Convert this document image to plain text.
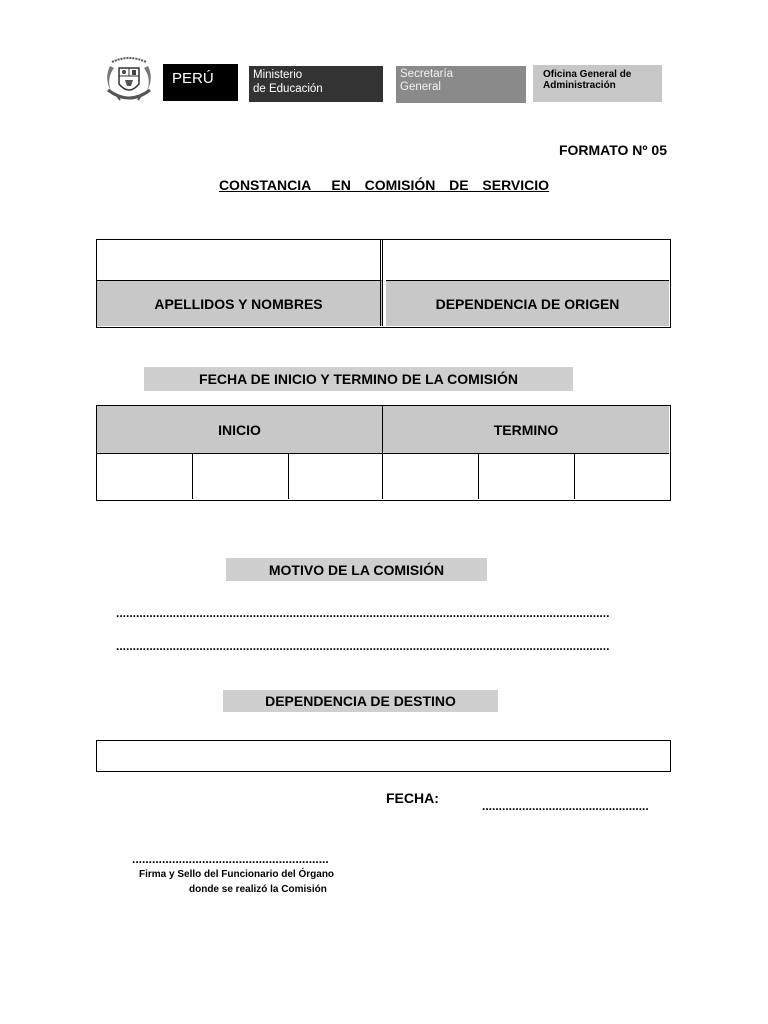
PERÚ	Ministerio
de Educación
Secretaría
General
Oficina General de
Administración
FORMATO Nº 05
CONSTANCIA   EN  COMISIÓN  DE  SERVICIO
APELLIDOS Y NOMBRES	DEPENDENCIA DE ORIGEN
FECHA DE INICIO Y TERMINO DE LA COMISIÓN
INICIO	TERMINO
MOTIVO DE LA COMISIÓN
....................................................................................................................................................
....................................................................................................................................................
DEPENDENCIA DE DESTINO
FECHA:	..................................................
...........................................................
Firma y Sello del Funcionario del Órgano
donde se realizó la Comisión
